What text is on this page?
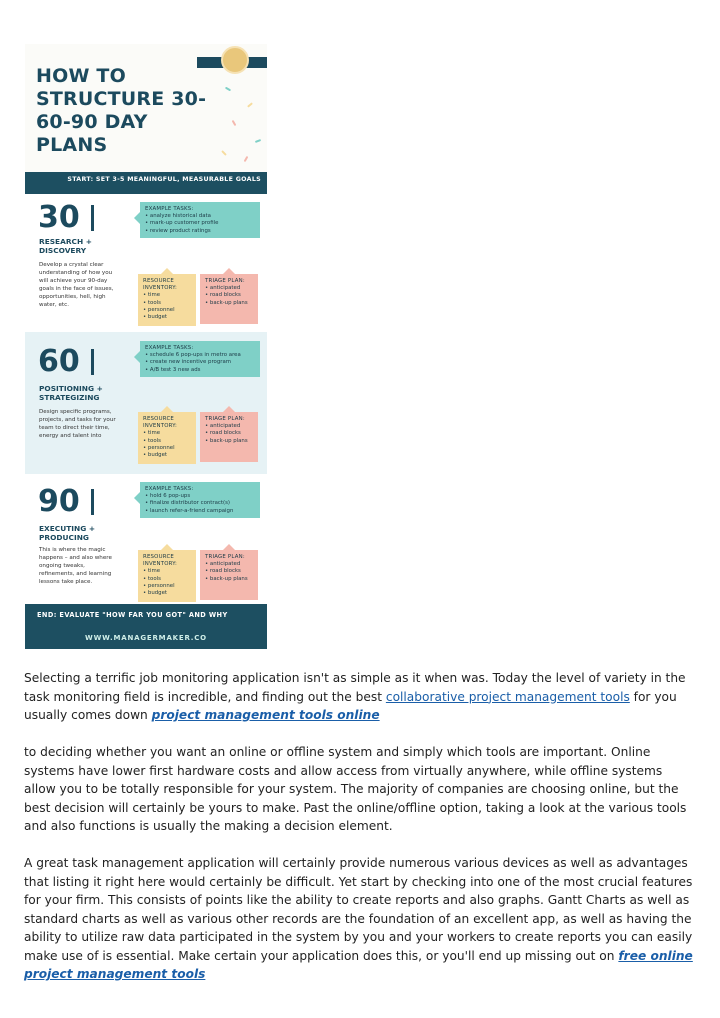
HOW TO STRUCTURE 30-60-90 DAY PLANS
START: SET 3-5 MEANINGFUL, MEASURABLE GOALS
30
RESEARCH +
DISCOVERY
Develop a crystal clear understanding of how you will achieve your 90-day goals in the face of issues, opportunities, hell, high water, etc.
EXAMPLE TASKS:
• analyze historical data
• mark-up customer profile
• review product ratings
RESOURCE INVENTORY:
• time
• tools
• personnel
• budget
TRIAGE PLAN:
• anticipated
• road blocks
• back-up plans
60
POSITIONING +
STRATEGIZING
Design specific programs, projects, and tasks for your team to direct their time, energy and talent into
EXAMPLE TASKS:
• schedule 6 pop-ups in metro area
• create new incentive program
• A/B test 3 new ads
RESOURCE INVENTORY:
• time
• tools
• personnel
• budget
TRIAGE PLAN:
• anticipated
• road blocks
• back-up plans
90
EXECUTING +
PRODUCING
This is where the magic happens – and also where ongoing tweaks, refinements, and learning lessons take place.
EXAMPLE TASKS:
• hold 6 pop-ups
• finalize distributor contract(s)
• launch refer-a-friend campaign
RESOURCE INVENTORY:
• time
• tools
• personnel
• budget
TRIAGE PLAN:
• anticipated
• road blocks
• back-up plans
END: EVALUATE "HOW FAR YOU GOT" AND WHY
WWW.MANAGERMAKER.CO

Selecting a terrific job monitoring application isn't as simple as it when was. Today the level of variety in the task monitoring field is incredible, and finding out the best collaborative project management tools for you usually comes down project management tools online

to deciding whether you want an online or offline system and simply which tools are important. Online systems have lower first hardware costs and allow access from virtually anywhere, while offline systems allow you to be totally responsible for your system. The majority of companies are choosing online, but the best decision will certainly be yours to make. Past the online/offline option, taking a look at the various tools and also functions is usually the making a decision element.

A great task management application will certainly provide numerous various devices as well as advantages that listing it right here would certainly be difficult. Yet start by checking into one of the most crucial features for your firm. This consists of points like the ability to create reports and also graphs. Gantt Charts as well as standard charts as well as various other records are the foundation of an excellent app, as well as having the ability to utilize raw data participated in the system by you and your workers to create reports you can easily make use of is essential. Make certain your application does this, or you'll end up missing out on free online project management tools
